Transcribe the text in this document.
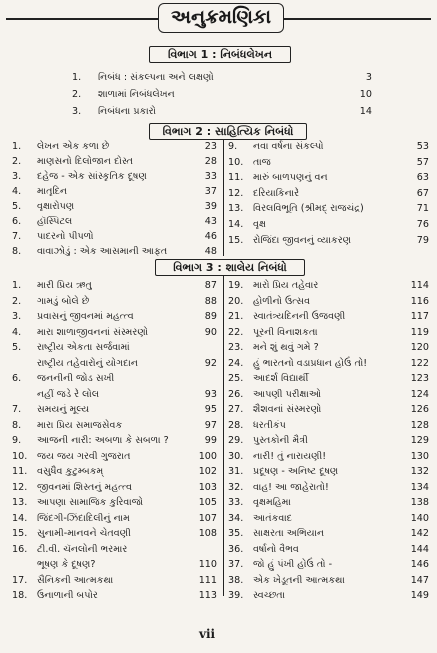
અનુક્રમણિકા
વિભાગ 1 : નિબંધલેખન
1. નિબંધ : સંકલ્પના અને લક્ષણો	3
2. શાળામાં નિબંધલેખન	10
3. નિબંધના પ્રકારો	14
વિભાગ 2 : સાહિત્યિક નિબંધો
1. લેખન એક કળા છે	23
2. માણસનો દિલોજાન દોસ્ત	28
3. દહેજ - એક સાંસ્કૃતિક દૂષણ	33
4. માતૃદિન	37
5. વૃક્ષારોપણ	39
6. હૉસ્પિટલ	43
7. પાદરનો પીપળો	46
8. વાવાઝોડું : એક આસમાની આફત	48
9. નવા વર્ષના સંકલ્પો	53
10. તાજ	57
11. મારું બાળપણનું વન	63
12. દરિયાકિનારે	67
13. વિરલવિભૂતિ (શ્રીમદ્ રાજચંદ્ર)	71
14. વૃક્ષ	76
15. રોજિંદા જીવનનું વ્યાકરણ	79
વિભાગ 3 : શાલેય નિબંધો
1. મારી પ્રિય ઋતુ	87
2. ગામડું બોલે છે	88
3. પ્રવાસનું જીવનમાં મહત્ત્વ	89
4. મારા શાળાજીવનનાં સંસ્મરણો	90
5. રાષ્ટ્રીય એકતા સર્જવામાં
રાષ્ટ્રીય તહેવારોનું યોગદાન	92
6. જનનીની જોડ સખી
નહીં જડે રે લોલ	93
7. સમયનું મૂલ્ય	95
8. મારા પ્રિય સમાજસેવક	97
9. આજની નારી: અબળા કે સબળા ?	99
10. જય જય ગરવી ગુજરાત	100
11. વસુધૈવ કુટુમ્બકમ્	102
12. જીવનમાં શિસ્તનું મહત્ત્વ	103
13. આપણા સામાજિક કુરિવાજો	105
14. જિંદગી-ઝિંદાદિલીનું નામ	107
15. સુનામી-માનવને ચેતવણી	108
16. ટી.વી. ચૅનલોની ભરમાર
ભૂષણ કે દૂષણ?	110
17. સૈનિકની આત્મકથા	111
18. ઉનાળાની બપોર	113
19. મારો પ્રિય તહેવાર	114
20. હોળીનો ઉત્સવ	116
21. સ્વાતંત્ર્યદિનની ઉજવણી	117
22. પૂરની વિનાશકતા	119
23. મને શું થવું ગમે ?	120
24. હું ભારતનો વડાપ્રધાન હોઉં તો!	122
25. આદર્શ વિદ્યાર્થી	123
26. આપણી પરીક્ષાઓ	124
27. શૈશવનાં સંસ્મરણો	126
28. ધરતીકંપ	128
29. પુસ્તકોની મૈત્રી	129
30. નારી! તું નારાયણી!	130
31. પ્રદૂષણ - અનિષ્ટ દૂષણ	132
32. વાહ! આ જાહેરાતો!	134
33. વૃક્ષમહિમા	138
34. આતંકવાદ	140
35. સાક્ષરતા અભિયાન	142
36. વર્ષાનો વૈભવ	144
37. જો હું પંખી હોઉં તો -	146
38. એક ખેડૂતની આત્મકથા	147
39. સ્વચ્છતા	149
vii
